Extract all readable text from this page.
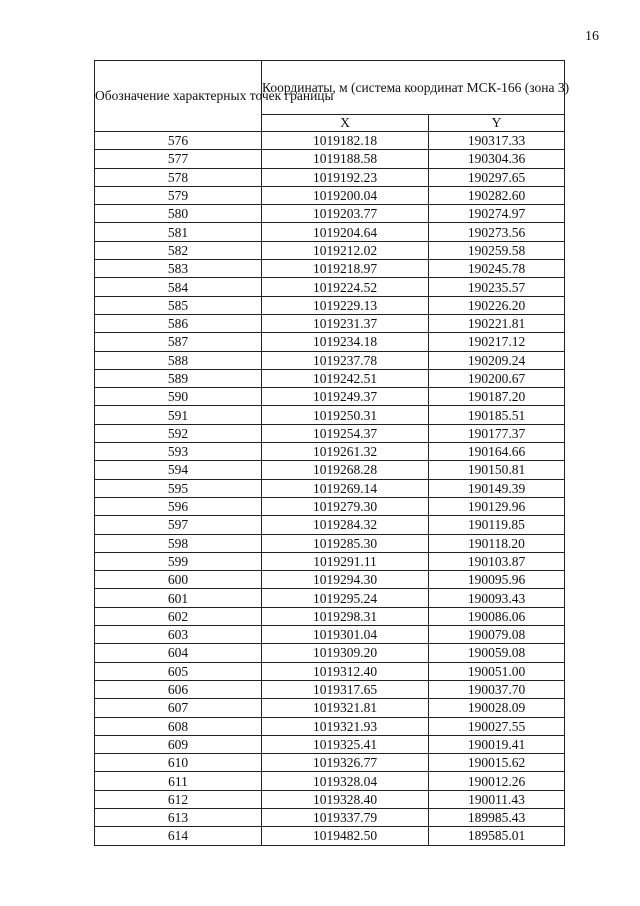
16
Обозначение характерных точек границы	Координаты, м (система координат МСК-166 (зона 3)	
	X	Y
576	1019182.18	190317.33
577	1019188.58	190304.36
578	1019192.23	190297.65
579	1019200.04	190282.60
580	1019203.77	190274.97
581	1019204.64	190273.56
582	1019212.02	190259.58
583	1019218.97	190245.78
584	1019224.52	190235.57
585	1019229.13	190226.20
586	1019231.37	190221.81
587	1019234.18	190217.12
588	1019237.78	190209.24
589	1019242.51	190200.67
590	1019249.37	190187.20
591	1019250.31	190185.51
592	1019254.37	190177.37
593	1019261.32	190164.66
594	1019268.28	190150.81
595	1019269.14	190149.39
596	1019279.30	190129.96
597	1019284.32	190119.85
598	1019285.30	190118.20
599	1019291.11	190103.87
600	1019294.30	190095.96
601	1019295.24	190093.43
602	1019298.31	190086.06
603	1019301.04	190079.08
604	1019309.20	190059.08
605	1019312.40	190051.00
606	1019317.65	190037.70
607	1019321.81	190028.09
608	1019321.93	190027.55
609	1019325.41	190019.41
610	1019326.77	190015.62
611	1019328.04	190012.26
612	1019328.40	190011.43
613	1019337.79	189985.43
614	1019482.50	189585.01
